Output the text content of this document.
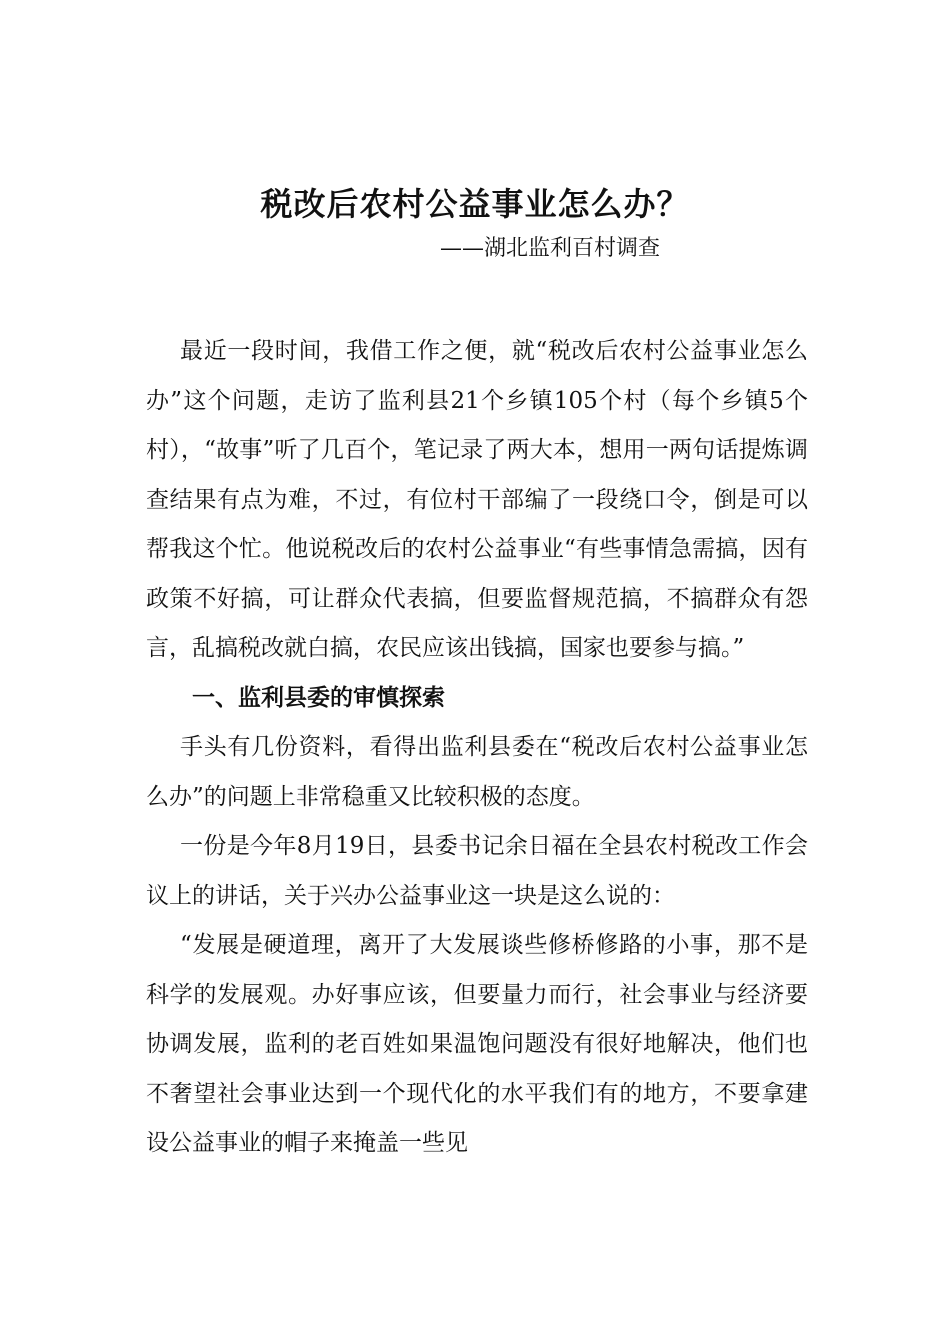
税改后农村公益事业怎么办？
——湖北监利百村调查

最近一段时间，我借工作之便，就“税改后农村公益事业怎么办”这个问题，走访了监利县21个乡镇105个村（每个乡镇5个村），“故事”听了几百个，笔记录了两大本，想用一两句话提炼调查结果有点为难，不过，有位村干部编了一段绕口令，倒是可以帮我这个忙。他说税改后的农村公益事业“有些事情急需搞，因有政策不好搞，可让群众代表搞，但要监督规范搞，不搞群众有怨言，乱搞税改就白搞，农民应该出钱搞，国家也要参与搞。”

一、监利县委的审慎探索

手头有几份资料，看得出监利县委在“税改后农村公益事业怎么办”的问题上非常稳重又比较积极的态度。

一份是今年8月19日，县委书记余日福在全县农村税改工作会议上的讲话，关于兴办公益事业这一块是这么说的：

“发展是硬道理，离开了大发展谈些修桥修路的小事，那不是科学的发展观。办好事应该，但要量力而行，社会事业与经济要协调发展，监利的老百姓如果温饱问题没有很好地解决，他们也不奢望社会事业达到一个现代化的水平我们有的地方，不要拿建设公益事业的帽子来掩盖一些见
